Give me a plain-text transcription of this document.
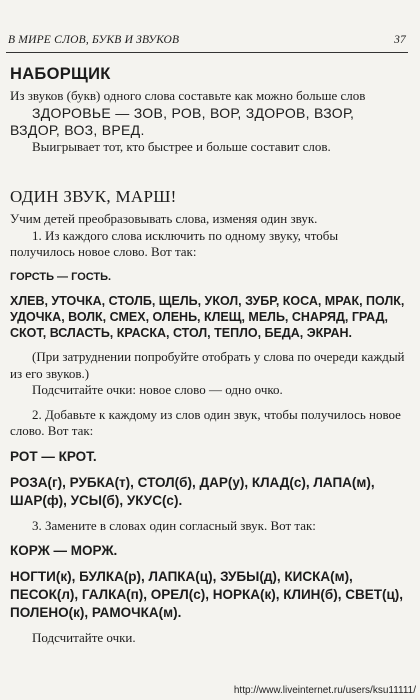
В МИРЕ СЛОВ, БУКВ И ЗВУКОВ	37
НАБОРЩИК

Из звуков (букв) одного слова составьте как можно больше слов

ЗДОРОВЬЕ — ЗОВ, РОВ, ВОР, ЗДОРОВ, ВЗОР, ВЗДОР, ВОЗ, ВРЕД.

Выигрывает тот, кто быстрее и больше составит слов.

ОДИН ЗВУК, МАРШ!

Учим детей преобразовывать слова, изменяя один звук.

1. Из каждого слова исключить по одному звуку, чтобы получилось новое слово. Вот так:

ГОРСТЬ — ГОСТЬ.

ХЛЕВ, УТОЧКА, СТОЛБ, ЩЕЛЬ, УКОЛ, ЗУБР, КОСА, МРАК, ПОЛК, УДОЧКА, ВОЛК, СМЕХ, ОЛЕНЬ, КЛЕЩ, МЕЛЬ, СНАРЯД, ГРАД, СКОТ, ВСЛАСТЬ, КРАСКА, СТОЛ, ТЕПЛО, БЕДА, ЭКРАН.

(При затруднении попробуйте отобрать у слова по очереди каждый из его звуков.)

Подсчитайте очки: новое слово — одно очко.

2. Добавьте к каждому из слов один звук, чтобы получилось новое слово. Вот так:

РОТ — КРОТ.

РОЗА(г), РУБКА(т), СТОЛ(б), ДАР(у), КЛАД(с), ЛАПА(м), ШАР(ф), УСЫ(б), УКУС(с).

3. Замените в словах один согласный звук. Вот так:

КОРЖ — МОРЖ.

НОГТИ(к), БУЛКА(р), ЛАПКА(ц), ЗУБЫ(д), КИСКА(м), ПЕСОК(л), ГАЛКА(п), ОРЕЛ(с), НОРКА(к), КЛИН(б), СВЕТ(ц), ПОЛЕНО(к), РАМОЧКА(м).

Подсчитайте очки.

http://www.liveinternet.ru/users/ksu11111/
